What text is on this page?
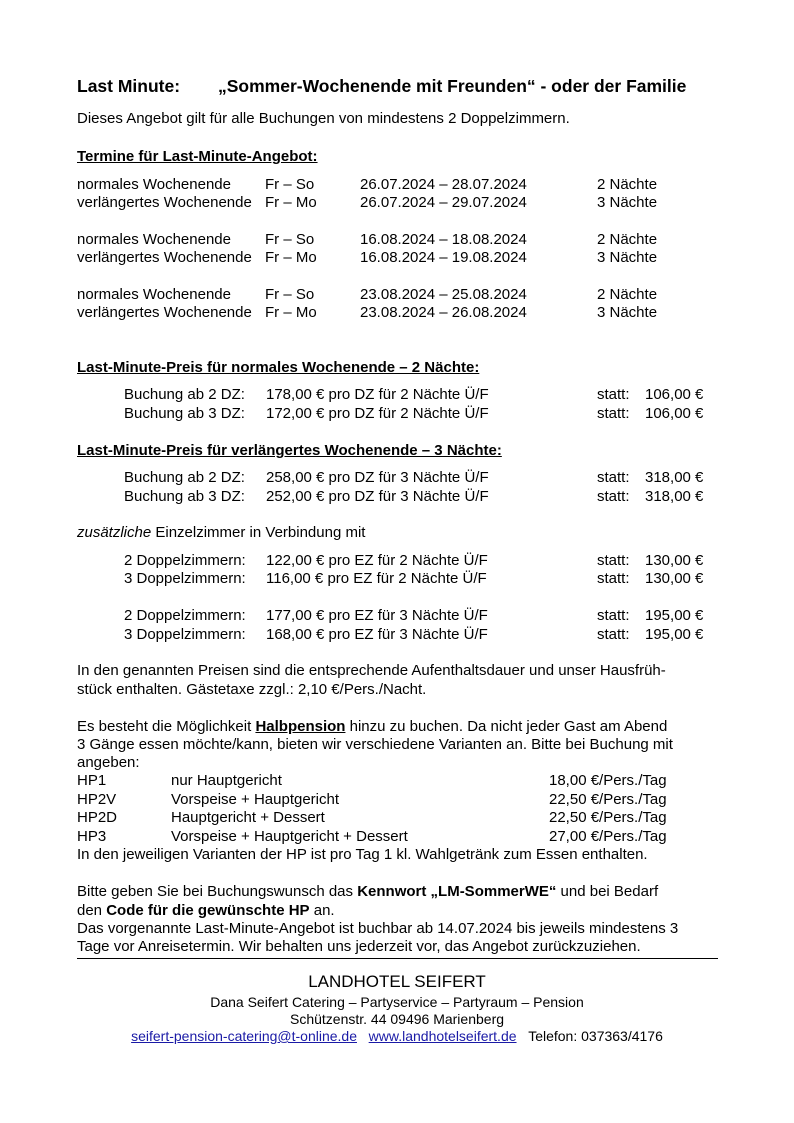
Last Minute: „Sommer-Wochenende mit Freunden“ - oder der Familie
Dieses Angebot gilt für alle Buchungen von mindestens 2 Doppelzimmern.
Termine für Last-Minute-Angebot:
normales Wochenende Fr – So	26.07.2024 – 28.07.2024	2 Nächte
verlängertes Wochenende Fr – Mo	26.07.2024 – 29.07.2024	3 Nächte
normales Wochenende Fr – So	16.08.2024 – 18.08.2024	2 Nächte
verlängertes Wochenende Fr – Mo	16.08.2024 – 19.08.2024	3 Nächte
normales Wochenende Fr – So	23.08.2024 – 25.08.2024	2 Nächte
verlängertes Wochenende Fr – Mo	23.08.2024 – 26.08.2024	3 Nächte
Last-Minute-Preis für normales Wochenende – 2 Nächte:
Buchung ab 2 DZ: 178,00 € pro DZ für 2 Nächte Ü/F	statt: 106,00 €
Buchung ab 3 DZ: 172,00 € pro DZ für 2 Nächte Ü/F	statt: 106,00 €
Last-Minute-Preis für verlängertes Wochenende – 3 Nächte:
Buchung ab 2 DZ: 258,00 € pro DZ für 3 Nächte Ü/F	statt: 318,00 €
Buchung ab 3 DZ: 252,00 € pro DZ für 3 Nächte Ü/F	statt: 318,00 €
zusätzliche Einzelzimmer in Verbindung mit
2 Doppelzimmern: 122,00 € pro EZ für 2 Nächte Ü/F	statt: 130,00 €
3 Doppelzimmern: 116,00 € pro EZ für 2 Nächte Ü/F	statt: 130,00 €
2 Doppelzimmern: 177,00 € pro EZ für 3 Nächte Ü/F	statt: 195,00 €
3 Doppelzimmern: 168,00 € pro EZ für 3 Nächte Ü/F	statt: 195,00 €
In den genannten Preisen sind die entsprechende Aufenthaltsdauer und unser Hausfrüh-
stück enthalten. Gästetaxe zzgl.: 2,10 €/Pers./Nacht.
Es besteht die Möglichkeit Halbpension hinzu zu buchen. Da nicht jeder Gast am Abend
3 Gänge essen möchte/kann, bieten wir verschiedene Varianten an. Bitte bei Buchung mit
angeben:
HP1	nur Hauptgericht	18,00 €/Pers./Tag
HP2V	Vorspeise + Hauptgericht	22,50 €/Pers./Tag
HP2D	Hauptgericht + Dessert	22,50 €/Pers./Tag
HP3	Vorspeise + Hauptgericht + Dessert	27,00 €/Pers./Tag
In den jeweiligen Varianten der HP ist pro Tag 1 kl. Wahlgetränk zum Essen enthalten.
Bitte geben Sie bei Buchungswunsch das Kennwort „LM-SommerWE“ und bei Bedarf
den Code für die gewünschte HP an.
Das vorgenannte Last-Minute-Angebot ist buchbar ab 14.07.2024 bis jeweils mindestens 3
Tage vor Anreisetermin. Wir behalten uns jederzeit vor, das Angebot zurückzuziehen.
LANDHOTEL SEIFERT
Dana Seifert Catering – Partyservice – Partyraum – Pension
Schützenstr. 44 09496 Marienberg
seifert-pension-catering@t-online.de www.landhotelseifert.de Telefon: 037363/4176
